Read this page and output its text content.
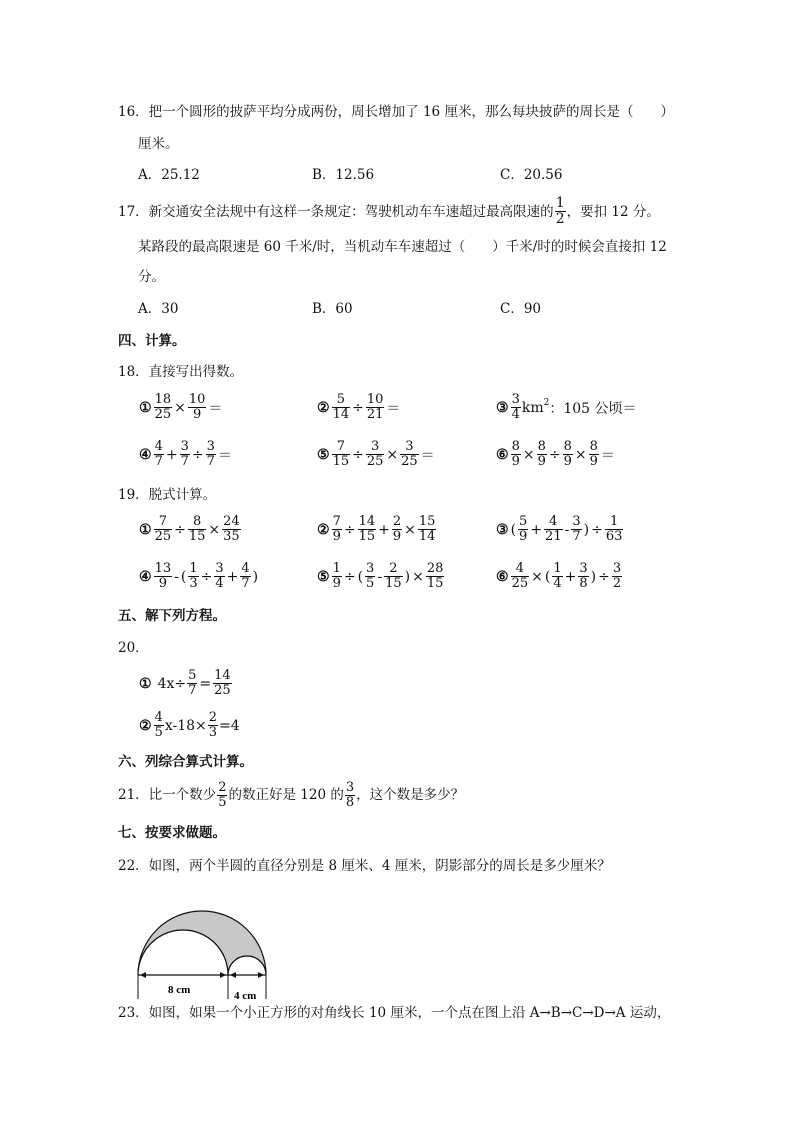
16．把一个圆形的披萨平均分成两份，周长增加了 16 厘米，那么每块披萨的周长是（　　）
厘米。
A．25.12	B．12.56	C．20.56
17．新交通安全法规中有这样一条规定：驾驶机动车车速超过最高限速的 $\frac{1}{2}$ ，要扣 12 分。
某路段的最高限速是 60 千米/时，当机动车车速超过（　　）千米/时的时候会直接扣 12
分。
A．30	B．60	C．90
四、计算。
18．直接写出得数。
① $\frac{18}{25} \times \frac{10}{9}$ ＝	② $\frac{5}{14} \div \frac{10}{21}$ ＝	③ $\frac{3}{4} km^2$ ：105 公顷＝
④ $\frac{4}{7} + \frac{3}{7} \div \frac{3}{7}$ ＝	⑤ $\frac{7}{15} \div \frac{3}{25} \times \frac{3}{25}$ ＝	⑥ $\frac{8}{9} \times \frac{8}{9} \div \frac{8}{9} \times \frac{8}{9}$ ＝
19．脱式计算。
① $\frac{7}{25} \div \frac{8}{15} \times \frac{24}{35}$	② $\frac{7}{9} \div \frac{14}{15} + \frac{2}{9} \times \frac{15}{14}$	③ ( $\frac{5}{9} + \frac{4}{21} - \frac{3}{7}$ ) ÷ $\frac{1}{63}$
④ $\frac{13}{9}$ - ( $\frac{1}{3} \div \frac{3}{4} + \frac{4}{7}$ )	⑤ $\frac{1}{9}$ ÷ ( $\frac{3}{5} - \frac{2}{15}$ ) × $\frac{28}{15}$	⑥ $\frac{4}{25}$ × ( $\frac{1}{4} + \frac{3}{8}$ ) ÷ $\frac{3}{2}$
五、解下列方程。
20．
① $4x\div \frac{5}{7} = \frac{14}{25}$
② $\frac{4}{5} x-18\times \frac{2}{3} =4$
六、列综合算式计算。
21．比一个数少 $\frac{2}{5}$ 的数正好是 120 的 $\frac{3}{8}$ ，这个数是多少？
七、按要求做题。
22．如图，两个半圆的直径分别是 8 厘米、4 厘米，阴影部分的周长是多少厘米？
8 cm	4 cm
23．如图，如果一个小正方形的对角线长 10 厘米，一个点在图上沿 A→B→C→D→A 运动，
